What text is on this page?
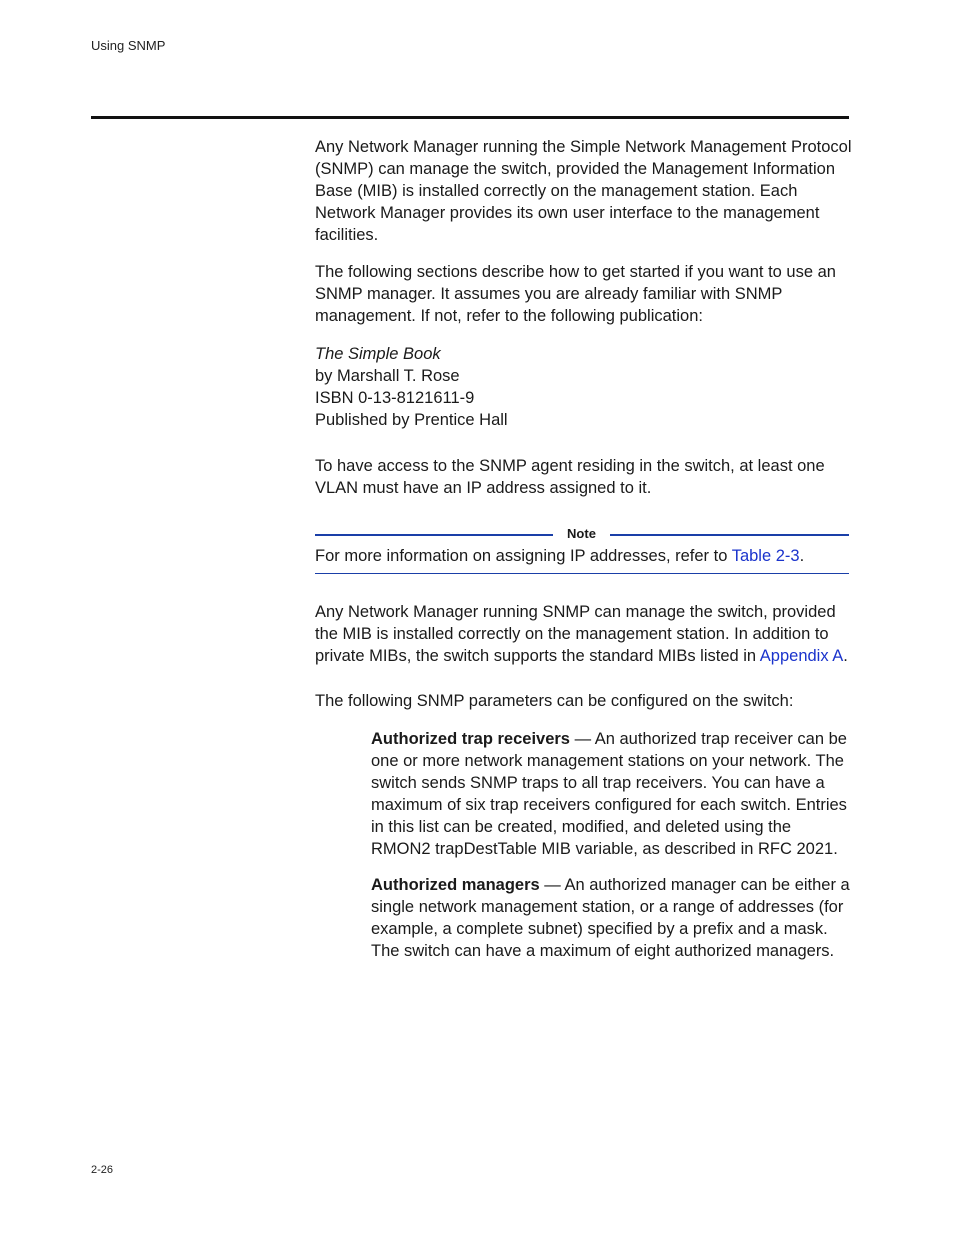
Using SNMP

Any Network Manager running the Simple Network Management Protocol (SNMP) can manage the switch, provided the Management Information Base (MIB) is installed correctly on the management station. Each Network Manager provides its own user interface to the management facilities.

The following sections describe how to get started if you want to use an SNMP manager. It assumes you are already familiar with SNMP management. If not, refer to the following publication:

The Simple Book
by Marshall T. Rose
ISBN 0-13-8121611-9
Published by Prentice Hall

To have access to the SNMP agent residing in the switch, at least one VLAN must have an IP address assigned to it.

Note
For more information on assigning IP addresses, refer to Table 2-3.

Any Network Manager running SNMP can manage the switch, provided the MIB is installed correctly on the management station. In addition to private MIBs, the switch supports the standard MIBs listed in Appendix A.

The following SNMP parameters can be configured on the switch:

Authorized trap receivers — An authorized trap receiver can be one or more network management stations on your network. The switch sends SNMP traps to all trap receivers. You can have a maximum of six trap receivers configured for each switch. Entries in this list can be created, modified, and deleted using the RMON2 trapDestTable MIB variable, as described in RFC 2021.

Authorized managers — An authorized manager can be either a single network management station, or a range of addresses (for example, a complete subnet) specified by a prefix and a mask. The switch can have a maximum of eight authorized managers.

2-26
